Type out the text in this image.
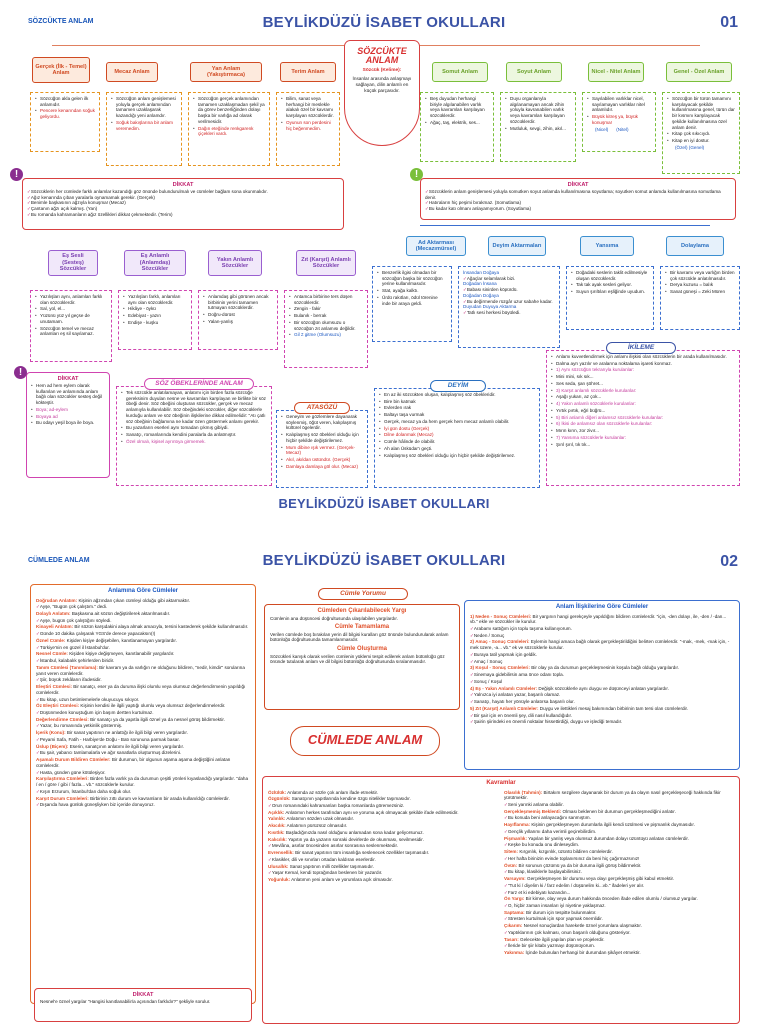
SÖZCÜKTE ANLAM	BEYLİKDÜZÜ İSABET OKULLARI	01
SÖZCÜKTE
ANLAM
Sözcük (Kelime):
İnsanlar arasında anlaşmayı sağlayan, dilin anlamlı en küçük parçasıdır.
Gerçek (İlk - Temel) Anlam	Mecaz Anlam
Yan Anlam (Yakıştırmaca)
Terim Anlam	Somut Anlam	Soyut Anlam	Nicel - Nitel Anlam	Genel - Özel Anlam
• Sözcüğün akla gelen ilk anlamıdır.
• Pencere kenarından soğuk geliyordu.
• Sözcüğün anlam genişlemesi yoluyla gerçek anlamından tamamen uzaklaşarak kazandığı yeni anlamdır.
• Soğuk bakışlarına bir anlam veremedim.
• Sözcüğün gerçek anlamından tamamen uzaklaşmadan şekil ya da görev benzerliğinden dolayı başka bir varlığa ad olarak verilmesidir.
• Dağın eteğinde renkgarenk çiçekleri vardı.
• Bilim, sanat veya herhangi bir meslekle alakalı özel bir kavramı karşılayan sözcüklerdir.
• Oyunun son perdesini hiç beğenmedim.
• Beş duyudan herhangi biriyle algılanabilen varlık veya kavramları karşılayan sözcüklerdir.
• Ağaç, taş, elektrik, ses...
• Duyu organlarıyla algılanamayan ancak zihin yoluyla kavranabilen varlık veya kavramları karşılayan sözcüklerdir.
• Mutluluk, sevgi, zihin, akıl...
• Sayılabilen varlıklar nicel, sayılamayan varlıklar nitel anlamlıdır.
• Büyük kitreş ya, büyük konuşma!
(Nicel) (Nitel)
• Sözcüğün bir türün tamamını karşılayacak şekilde kullanılmasına genel, türün dar bir kısmını karşılayacak şekilde kullanılmasına özel anlam denir.
• Kitap çok sıkıcıydı.
• Kitap en iyi dostur.
(Özel) (Genel)
DİKKAT
✓ Sözcüklerin her cümlede farklı anlamlar kazandığı göz önünde bulundurulmalı ve cümleler bağlam sona okunmalıdır.
✓ Ağız kenarında çıban yaralarla oynamamak gerekir. (Gerçek)
✓ Benimle başkasının ağzıyla konuşma! (Mecaz)
✓ Çantanın ağzı açık kalmış. (Yan)
✓ Bu romanda kahramanların ağız özellikleri dikkat çekmektedir. (Terim)
!
DİKKAT
✓ Sözcüklerin anlam genişlemesi yoluyla somutken soyut anlamda kullanılmasına soyutlama; soyutken somut anlamda kullanılmasına somutlama denir.
✓ Hatıraların hiç peşimi bırakmaz. (Somutlama)
✓ Bu kadar katı olmanı anlayamıyorum. (Soyutlama)
!
Eş Sesli (Sesteş) Sözcükler
Eş Anlamlı (Anlamdaş) Sözcükler
Yakın Anlamlı Sözcükler
Zıt (Karşıt) Anlamlı Sözcükler
Ad Aktarması (Mecazımürsel)
Deyim Aktarmaları	Yansıma	Dolaylama
• Yazılışları aynı, anlamları farklı olan sözcüklerdir.
• Sal, yol, el...
• Yüzünü yüz yıl geçse de unutamam.
• Sözcüğün temel ve mecaz anlamları eş sil sayılamaz.
• Yazılışları farklı, anlamları aynı olan sözcüklerdir.
• Hikâye - öykü
• Edebiyat - yazın
• Endişe - kuşku
• Anlamdaş gibi görünen ancak birbirinin yerini tamamen tutmayan sözcüklerdir.
• Doğru-dürüst
• Yalan-yanlış
• Antamca birbirine ters düşen sözcüklerdir.
• Zengin - fakir
• Bulanık - berrak
• Bir sözcüğün olumsuzu o sözcüğün zıt anlamısı değildir.
• Gil ≠ gitme (Olumsuzu)
• Benzerlik ilgisi olmadan bir sözcüğün başka bir sözcüğün yerine kullanılmasıdır.
• Stat, ayağa kalktı.
• Ürdü rakıtları, ödül törenine inde bir araya geldi.
İnsandan Doğaya
✓ Ağaçlar selamlarak bizi.
Doğadan İnsana
✓ Babası sinirden köpürdü.
Doğadan Doğaya
✓ Bu değirmende rüzgâr uzur sabahe kadar.
Duyudan Duyuya Aktarma
✓ Tatlı sesi herkesi büyüledi.
• Doğadaki seslerin taklit edilmesiyle oluşan sözcüklerdir.
• Tak tak ayak sesleri geliyor.
• Suyun şırıltıları eşliğinde uyudum.
• Bir kavramı veya varlığın birden çok sözcükle anlatılmasıdır.
• Derya kuzusu = balık
• Sanat güneşi = Zeki Müren
DİKKAT
• Hem ad hem eylem olarak kullanılan ve anlamında anlam bağlı olan sözcükler sesteş değil kökteştir.
• Boya; ad-eylem
• Boyaya ad
• Bu odayı yeşil boya ile boya.
!
• Tek sözcükle anlatılamayan, anlatımı için birden fazla sözcüğe gereksinim duyulan nesne ve kavramları karşılayan ve birlikte bir söz öbeği denir. Söz öbeğini oluşturan sözcükler, gerçek ve mecaz anlamıyla kullanılabilir. Söz öbeğindeki sözcükler, diğer sözcüklerle kurduğu anlam ve söz öbeğinin ilişkilerine dikkat edilmelidir: "Atı çatlı söz öbeğinin bağlamına ne kadar özen göstermek anlamı gerekir.
• Bu yazarların eserleri aynı tomadan çıkmış gibiydi.
• Sanatçı, romanlarında kendini paralarla da anlatmıştır.
• Özel olmalı, kişisel ayrıntıya girmemek.
SÖZ ÖBEKLERİNDE ANLAM
• Geneyim ve gözlemlere dayanarak söylenmiş, öğüt veren, kalıplaşmış kültürel ögelerdir.
• Kalıplaşmış söz öbekleri olduğu için hiçbir şekilde değiştirilemez.
• Mum dibine ışık vermez. (Gerçek-Mecaz)
• Akıl, akıldan üstündür. (Gerçek)
• Damlaya damlaya göl olur. (Mecaz)
ATASÖZÜ
• En az iki sözcükten oluşan, kalıplaşmış söz öbekleridir.
• Bire bin katmak
• Evlerden ırak
• Baltayı taşa vurmak
• Gerçek, mecaz ya da hem gerçek hem mecaz anlamlı olabilir.
• İyi gün dostu (Gerçek)
• Dilne dolanmak (Mecaz)
• Cümle hâlinde de olabilir.
• Ah alan Üsküdar'ı geçti.
• Kalıplaşmış söz öbekleri olduğu için hiçbir şekilde değiştirilemez.
DEYİM
• Anlamı kuvvetlendirmek için anlamı ilişkisi olan sözcüklerin bir arada kullanılmasıdır.
• Dalma ayrı yazılır ve aralarına noktalama işareti konmaz.
• 1) Aynı sözcüğün tekrarıyla kurulanlar:
• Mini mini, sık sık...
• Ses seda, şan şöhret...
• 3) Karşıt anlamlı sözcüklerle kurulanlar:
• Aşağı yukarı, az çok...
• 4) Yakın anlamlı sözcüklerle kurulanlar:
• Yırtık pırtık, eğri büğrü...
• 5) Biri anlamlı diğeri anlamsız sözcüklerle kurulanlar:
• 6) İkisi de anlamsız olan sözcüklerle kurulanlar:
• Mırın kırın, zor zivır...
• 7) Yansıma sözcüklerle kurulanlar:
• Şırıl şırıl, tık tık...
İKİLEME
BEYLİKDÜZÜ İSABET OKULLARI
CÜMLEDE ANLAM	BEYLİKDÜZÜ İSABET OKULLARI	02
Anlamına Göre Cümleler
Doğrudan Anlatım: Kişinin ağzından çıkan cümleyi olduğu gibi aktarmaktır.
✓ Ayşe, "Bugün çok çalıştım." dedi.
Dolaylı Anlatım: Başkasına ait sözün değiştirilerek aktarılmasıdır.
✓ Ayşe, bugün çok çalıştığını söyledi.
Kinayeli Anlatım: Bir sözün karşıdakini alaya almak amacıyla, tersini kastederek şekilde kullanılmasıdır.
✓ Günde 10 dakika çalışarak YGS'de derece yapacaksın(!)
Öznel Cümle: Kişiden kişiye değişebilen, kanıtlanamayan yargılardır.
✓ Türkiye'nin en güzel il İstanbul'dur.
Nesnel Cümle: Kişiden kişiye değişmeyen, kanıtlanabilir yargılardır.
✓ İstanbul, kalabalık şehirlerden biridir.
Tanım Cümlesi (Tanımlama): Bir kavram ya da varlığın ne olduğunu bildiren, "nedir, kimdir" sorularına yanıt veren cümlelerdir.
✓ Şiir, büyük zekâların ifadesidir.
Eleştiri Cümlesi: Bir sanatçı, eser ya da duruma ilişki olumlu veya olumsuz değerlendirmenin yapıldığı cümlelerdir.
✓ Bu kitap, uzun betimlemelerle okuyucuyu sıkıyor.
Öz Eleştiri Cümlesi: Kişinin kendisi ile ilgili yaptığı olumlu veya olumsuz değerlendirmelerdir.
✓ Düşünmeden konuştuğum için başım dertten kurtulmaz.
Değerlendirme Cümlesi: Bir sanatçı ya da yapıtla ilgili öznel ya da nesnel görüş bildirmektir.
✓ Yazar, bu romanında yetkinlik göstermiş.
İçerik (Konu): Bir sanat yapıtının ne anlattığı ile ilgili bilgi veren yargılardır.
✓ Peyami Safa, Fatih - Harbiye'de Doğu - Batı sorununa parmak basar.
Üslup (Biçem): Eserin, sanatçının anlatımı ile ilgili bilgi veren yargılardır.
✓ Bu şair, yabancı tamlamalarla ve ağır sanatlarla oluşturmuş dizelerini.
Aşamalı Durum Bildiren Cümleler: Bir durumun, bir olgunun aşama aşama değiştiğini anlatan cümlelerdir.
✓ Hasta, günden güne kötüleşiyor.
Karşılaştırma Cümleleri: Birden fazla varlık ya da durumun çeşitli yönleri kıyaslandığı yargılardır. "daha / en / göre / gibi / fazla... vb." sözcüklerle kurulur.
✓ Kışın Erzurum, İstanbul'dan daha soğuk olur.
Karşıt Durum Cümleleri: Birbirinin zıttı durum ve kavramların bir arada kullanıldığı cümlelerdir.
✓ Dışarıda hava günlük güneşliyken biz içeride donuyoruz.
DİKKAT
Nesnel'e öznel yargılar "Hangisi kanıtlanabilir/a açısından farklıdır?" şekliyle sorulur.
Cümle Yorumu
Cümleden Çıkarılabilecek Yargı
Cümlenin ana düşüncesi doğrultusunda ulaşılabilen yargılardır.
Cümle Tamamlama
Verilen cümlede boş bırakılan yerin dil bilgisi kuralları göz önünde bulundurularak anlam bütünlüğü doğrultusunda tamamlanmasıdır.
Cümle Oluşturma
Sözcükleri karışık olarak verilen cümlenin yüklemi tespit edilerek anlam bütünlüğü göz önünde tutularak anlam ve dil bilgisi bütünlüğü doğrultusunda sıralanmasıdır.
CÜMLEDE ANLAM
Anlam İlişkilerine Göre Cümleler
1) Neden - Sonuç Cümleleri: Bir yargının hangi gerekçeyle yapıldığını bildiren cümlelerdir. "için, -den dolayı, ile, -den / -dan... vb." ekle ve sözcükler ile kurulur.
✓ Arabamı sattığım için toplu taşıma kullanıyorum.
✓ Neden / Sonuç
2) Amaç - Sonuç Cümleleri: Eylemin hangi amaca bağlı olarak gerçekleştirildiğini belirten cümlelerdir. "-mak, -mek, -mak için, -mek üzere, -a... vb." ek ve sözcüklerle kurulur.
✓ Buraya tatil yapmak için geldik.
✓ Amaç / Sonuç
3) Koşul - Sonuç Cümleleri: Bir olay ya da durumun gerçekleşmesinin koşula bağlı olduğu yargılardır.
✓ Sinemaya gidebilirsin ama önce odanı topla.
✓ Sonuç / Koşul
4) Eş - Yakın Anlamlı Cümleler: Değişik sözcüklerle aynı duygu ve düşünceyi anlatan yargılardır.
✓ Yalnızca iyi anlatan yazar, başarılı olamaz.
✓ Sanatçı, hayatı her yönüyle anlatırsa başarılı olur.
5) Zıt (Karşıt) Anlamlı Cümleler: Duygu ve ilettikleri mesaj bakımından birbirinin tam tersi olan cümlelerdir.
✓ Bir şair için en önemli şey, dili nasıl kullandığıdır.
✓ Şairin şiirindeki en önemli noktalar hissettirdiği, duygu ve işlediği temadır.
Kavramlar
Özlülük: Anlatımda az sözle çok anlam ifade etmektir.
Özgünlük: Sanatçının yapıtlarında kendine özgü nitelikler taşımasıdır.
✓ Orun romanındaki kahramanları başka romanlarda göremezsiniz.
Açıklık: Anlatımın herkes tarafından aynı ve yoruma açık olmayacak şekilde ifade edilmesidir.
Yalınlık: Anlatımın sözden uzak olmasıdır.
Akıcılık: Anlatımın pürüzsüz olmasıdır.
Kısıtlık: Başladığınızda nasıl olduğunu anlamadan sona kadar geliyorsunuz.
Kalıcılık: Yapıtın ya da yazarın sonraki devirlerde de okunması, sevilmesidir.
✓ Mevlâna, asırlar öncesinden asırlar sonrasına seslenmektedir.
Evrensellik: Bir sanat yapıtının tüm insanlığa seslenecek özellikler taşımasıdır.
✓ Klasikler, dili ve sınırları ortadan kaldıran eserlerdir.
Ulusallık: Sanat yapıtının milli özellikler taşımasıdır.
✓ Yaşar Kemal, kendi toprağından beslenen bir yazardır.
Yoğunluk: Anlatımın yeni anlam ve yorumlara açık olmasıdır.
Olasılık (Tahmin): Birtakım sezgilere dayanarak bir durum ya da olayın nasıl gerçekleşeceği hakkında fikir yürütmektir.
✓ Seni yarınki anlama olabilir.
Gerçekleşmemiş Beklenti: Olması beklenen bir durumun gerçekleşmediğini anlatır.
✓ Bu konuda beni anlayacağını sanmıştım.
Hayıflanma: Kişinin gerçekleşmeyen durumlarla ilgili kendi üzülmesi ve pişmanlık duymasıdır.
✓ Gençlik yıllarımı daha verimli geçirebilirdim.
Pişmanlık: Yapılan bir yanlış veya olumsuz durumdan dolayı üzüntüyü anlatan cümlelerdir.
✓ Keşke bu konuda onu dinleseydim.
Sitem: Kırgınlık, kızgınlık, üzüntü bildiren cümlelerdir.
✓ Her hafta birinizin evinde toplanırsınız da beni hiç çağırmazsınız!
Övün: Bir sorunun çözümü ya da bir duruma ilgili görüş bildirmektir.
✓ Bu kitap, klasiklerle başlayabilirsiniz.
Varsayım: Gerçekleşmeyen bir durumu veya olayı gerçekleşmiş gibi kabul etmektir.
✓ "Tut ki / diyelim ki / farz edelim / düşünelim ki...vb." ifadeleri yer alır.
✓ Farz et ki edebiyatı kazandın...
Ön Yargı: Bir kimse, olay veya durum hakkında önceden ifade edilen olumlu / olumsuz yargılar.
✓ O, hiçbir zaman insanları iyi niyetine yaklaşmaz.
Saptama: Bir durum için tespitte bulunmaktır.
✓ Stresten kurtulmak için spor yapmak önemlidir.
Çıkarım: Nesnel sonuçlardan hareketle öznel yorumlara ulaşmaktır.
✓ Yaptıklarının çok kalması, onun başarılı olduğunu gösteriyor.
Tasarı: Gelecekte ilgili yapılan plan ve projelerdir.
✓ İleride bir şiir kitabı yazmayı düşünüyorum.
Yakınma: İçinde bulunulan herhangi bir durumdan şikâyet etmektir.
